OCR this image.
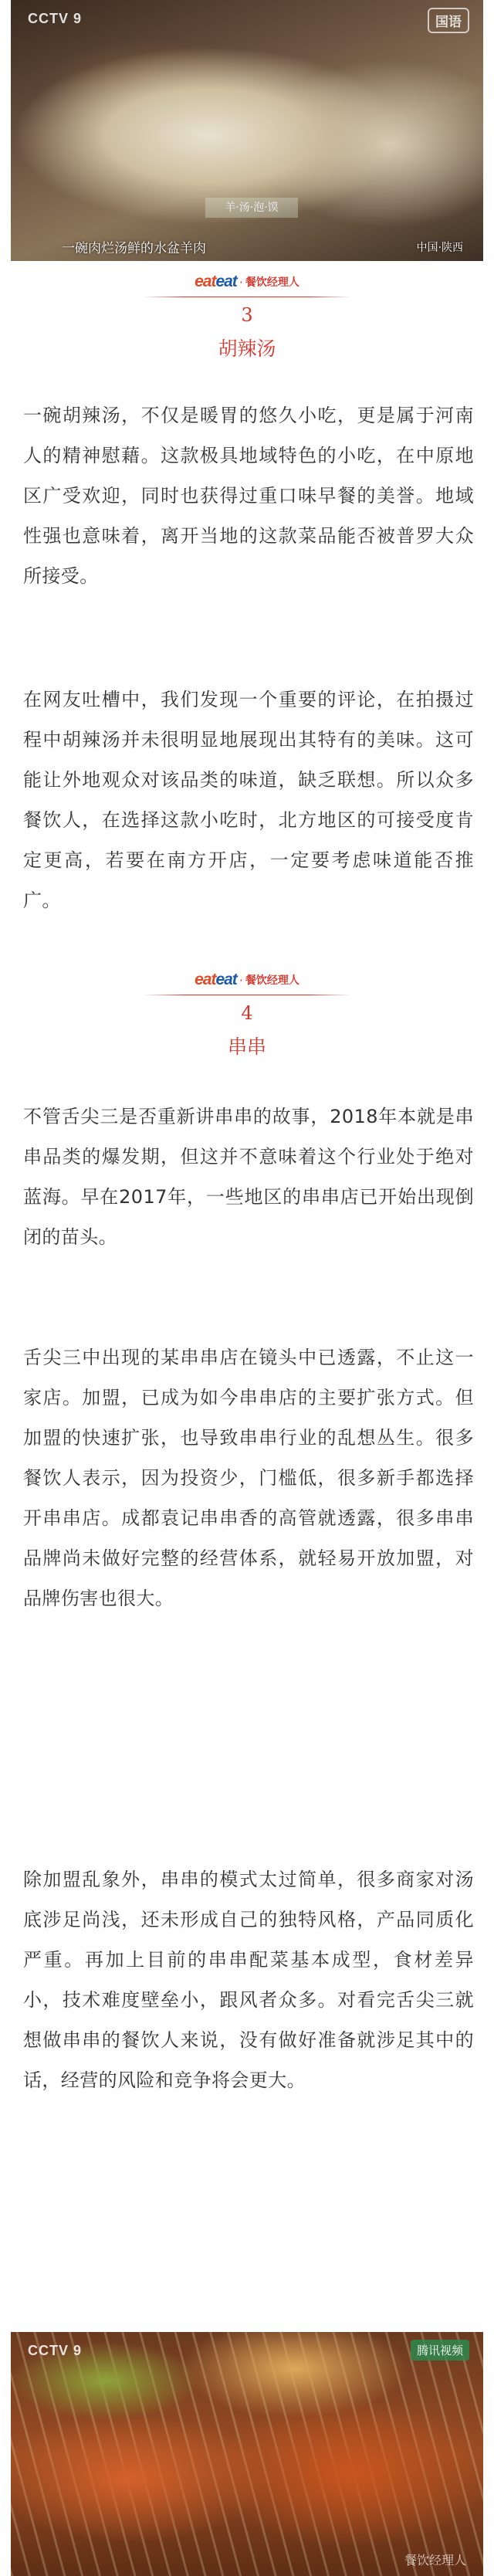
CCTV 9	国语
羊·汤·泡·馍
一碗肉烂汤鲜的水盆羊肉	中国·陕西
eat eat · 餐饮经理人
3
胡辣汤

一碗胡辣汤，不仅是暖胃的悠久小吃，更是属于河南人的精神慰藉。这款极具地域特色的小吃，在中原地区广受欢迎，同时也获得过重口味早餐的美誉。地域性强也意味着，离开当地的这款菜品能否被普罗大众所接受。

在网友吐槽中，我们发现一个重要的评论，在拍摄过程中胡辣汤并未很明显地展现出其特有的美味。这可能让外地观众对该品类的味道，缺乏联想。所以众多餐饮人，在选择这款小吃时，北方地区的可接受度肯定更高，若要在南方开店，一定要考虑味道能否推广。

eat eat · 餐饮经理人
4
串串

不管舌尖三是否重新讲串串的故事，2018年本就是串串品类的爆发期，但这并不意味着这个行业处于绝对蓝海。早在2017年，一些地区的串串店已开始出现倒闭的苗头。

舌尖三中出现的某串串店在镜头中已透露，不止这一家店。加盟，已成为如今串串店的主要扩张方式。但加盟的快速扩张，也导致串串行业的乱想丛生。很多餐饮人表示，因为投资少，门槛低，很多新手都选择开串串店。成都袁记串串香的高管就透露，很多串串品牌尚未做好完整的经营体系，就轻易开放加盟，对品牌伤害也很大。

除加盟乱象外，串串的模式太过简单，很多商家对汤底涉足尚浅，还未形成自己的独特风格，产品同质化严重。再加上目前的串串配菜基本成型，食材差异小，技术难度壁垒小，跟风者众多。对看完舌尖三就想做串串的餐饮人来说，没有做好准备就涉足其中的话，经营的风险和竞争将会更大。

CCTV 9	腾讯视频
餐饮经理人
